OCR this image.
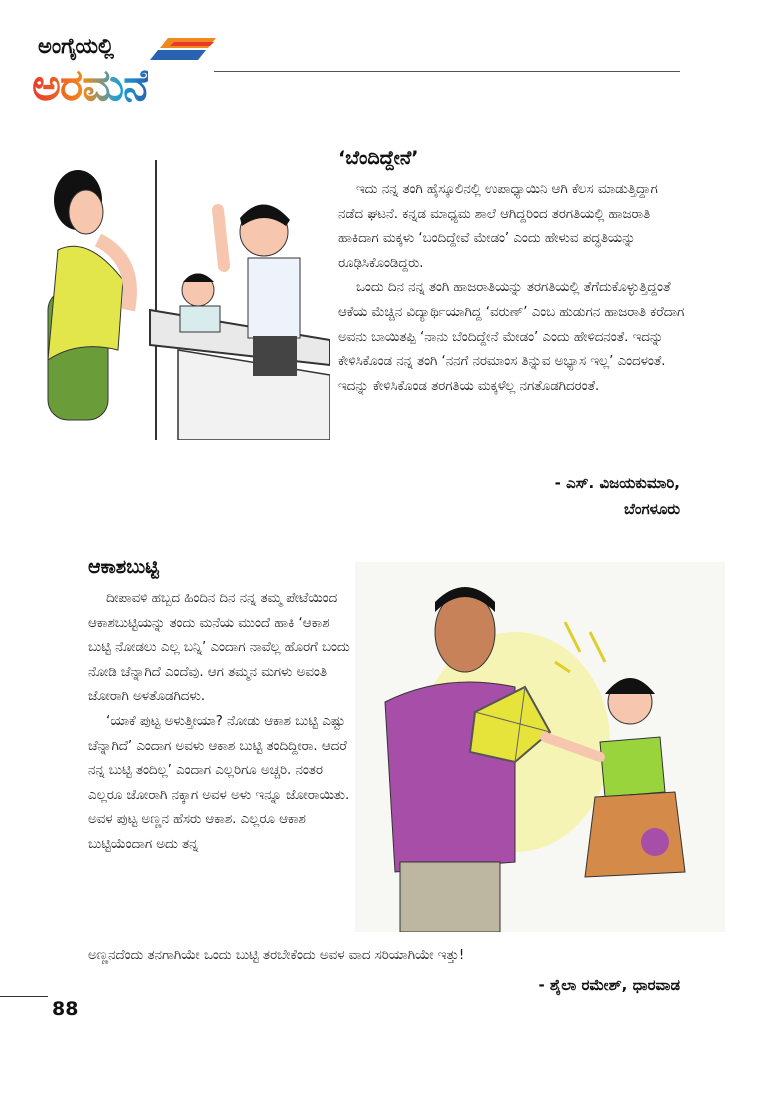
ಅಂಗೈಯಲ್ಲಿ
ಅರಮನೆ
‘ಬೆಂದಿದ್ದೇನೆ’

ಇದು ನನ್ನ ತಂಗಿ ಹೈಸ್ಕೂಲಿನಲ್ಲಿ ಉಪಾಧ್ಯಾಯಿನಿ ಆಗಿ ಕೆಲಸ ಮಾಡುತ್ತಿದ್ದಾಗ ನಡೆದ ಘಟನೆ. ಕನ್ನಡ ಮಾಧ್ಯಮ ಶಾಲೆ ಆಗಿದ್ದರಿಂದ ತರಗತಿಯಲ್ಲಿ ಹಾಜರಾತಿ ಹಾಕಿದಾಗ ಮಕ್ಕಳು ‘ಬಂದಿದ್ದೇವೆ ಮೇಡಂ’ ಎಂದು ಹೇಳುವ ಪದ್ಧತಿಯನ್ನು ರೂಢಿಸಿಕೊಂಡಿದ್ದರು.

ಒಂದು ದಿನ ನನ್ನ ತಂಗಿ ಹಾಜರಾತಿಯನ್ನು ತರಗತಿಯಲ್ಲಿ ತೆಗೆದುಕೊಳ್ಳುತ್ತಿದ್ದಂತೆ ಆಕೆಯ ಮೆಚ್ಚಿನ ವಿದ್ಯಾರ್ಥಿಯಾಗಿದ್ದ ‘ವರುಣ್’ ಎಂಬ ಹುಡುಗನ ಹಾಜರಾತಿ ಕರೆದಾಗ ಅವನು ಬಾಯಿತಪ್ಪಿ ‘ನಾನು ಬೆಂದಿದ್ದೇನೆ ಮೇಡಂ’ ಎಂದು ಹೇಳಿದನಂತೆ. ಇದನ್ನು ಕೇಳಿಸಿಕೊಂಡ ನನ್ನ ತಂಗಿ ‘ನನಗೆ ನರಮಾಂಸ ತಿನ್ನುವ ಅಭ್ಯಾಸ ಇಲ್ಲ’ ಎಂದಳಂತೆ. ಇದನ್ನು ಕೇಳಿಸಿಕೊಂಡ ತರಗತಿಯ ಮಕ್ಕಳೆಲ್ಲ ನಗತೊಡಗಿದರಂತೆ.

- ಎಸ್. ವಿಜಯಕುಮಾರಿ,
ಬೆಂಗಳೂರು
ಆಕಾಶಬುಟ್ಟಿ

ದೀಪಾವಳಿ ಹಬ್ಬದ ಹಿಂದಿನ ದಿನ ನನ್ನ ತಮ್ಮ ಪೇಟೆಯಿಂದ ಆಕಾಶಬುಟ್ಟಿಯನ್ನು ತಂದು ಮನೆಯ ಮುಂದೆ ಹಾಕಿ ‘ಆಕಾಶ ಬುಟ್ಟಿ ನೋಡಲು ಎಲ್ಲ ಬನ್ನಿ’ ಎಂದಾಗ ನಾವೆಲ್ಲ ಹೊರಗೆ ಬಂದು ನೋಡಿ ಚೆನ್ನಾಗಿದೆ ಎಂದೆವು. ಆಗ ತಮ್ಮನ ಮಗಳು ಅವಂತಿ ಜೋರಾಗಿ ಅಳತೊಡಗಿದಳು.

‘ಯಾಕೆ ಪುಟ್ಟ ಅಳುತ್ತೀಯಾ? ನೋಡು ಆಕಾಶ ಬುಟ್ಟಿ ಎಷ್ಟು ಚೆನ್ನಾಗಿದೆ’ ಎಂದಾಗ ಅವಳು ಆಕಾಶ ಬುಟ್ಟಿ ತಂದಿದ್ದೀರಾ. ಆದರೆ ನನ್ನ ಬುಟ್ಟಿ ತಂದಿಲ್ಲ’ ಎಂದಾಗ ಎಲ್ಲರಿಗೂ ಅಚ್ಚರಿ. ನಂತರ ಎಲ್ಲರೂ ಜೋರಾಗಿ ನಕ್ಕಾಗ ಅವಳ ಅಳು ಇನ್ನೂ ಜೋರಾಯಿತು. ಅವಳ ಪುಟ್ಟ ಅಣ್ಣನ ಹೆಸರು ಆಕಾಶ. ಎಲ್ಲರೂ ಆಕಾಶ ಬುಟ್ಟಿಯೆಂದಾಗ ಅದು ತನ್ನ

ಅಣ್ಣನದೆಂದು ತನಗಾಗಿಯೇ ಒಂದು ಬುಟ್ಟಿ ತರಬೇಕೆಂದು ಅವಳ ವಾದ ಸರಿಯಾಗಿಯೇ ಇತ್ತು!
- ಶೈಲಾ ರಮೇಶ್, ಧಾರವಾಡ
88
